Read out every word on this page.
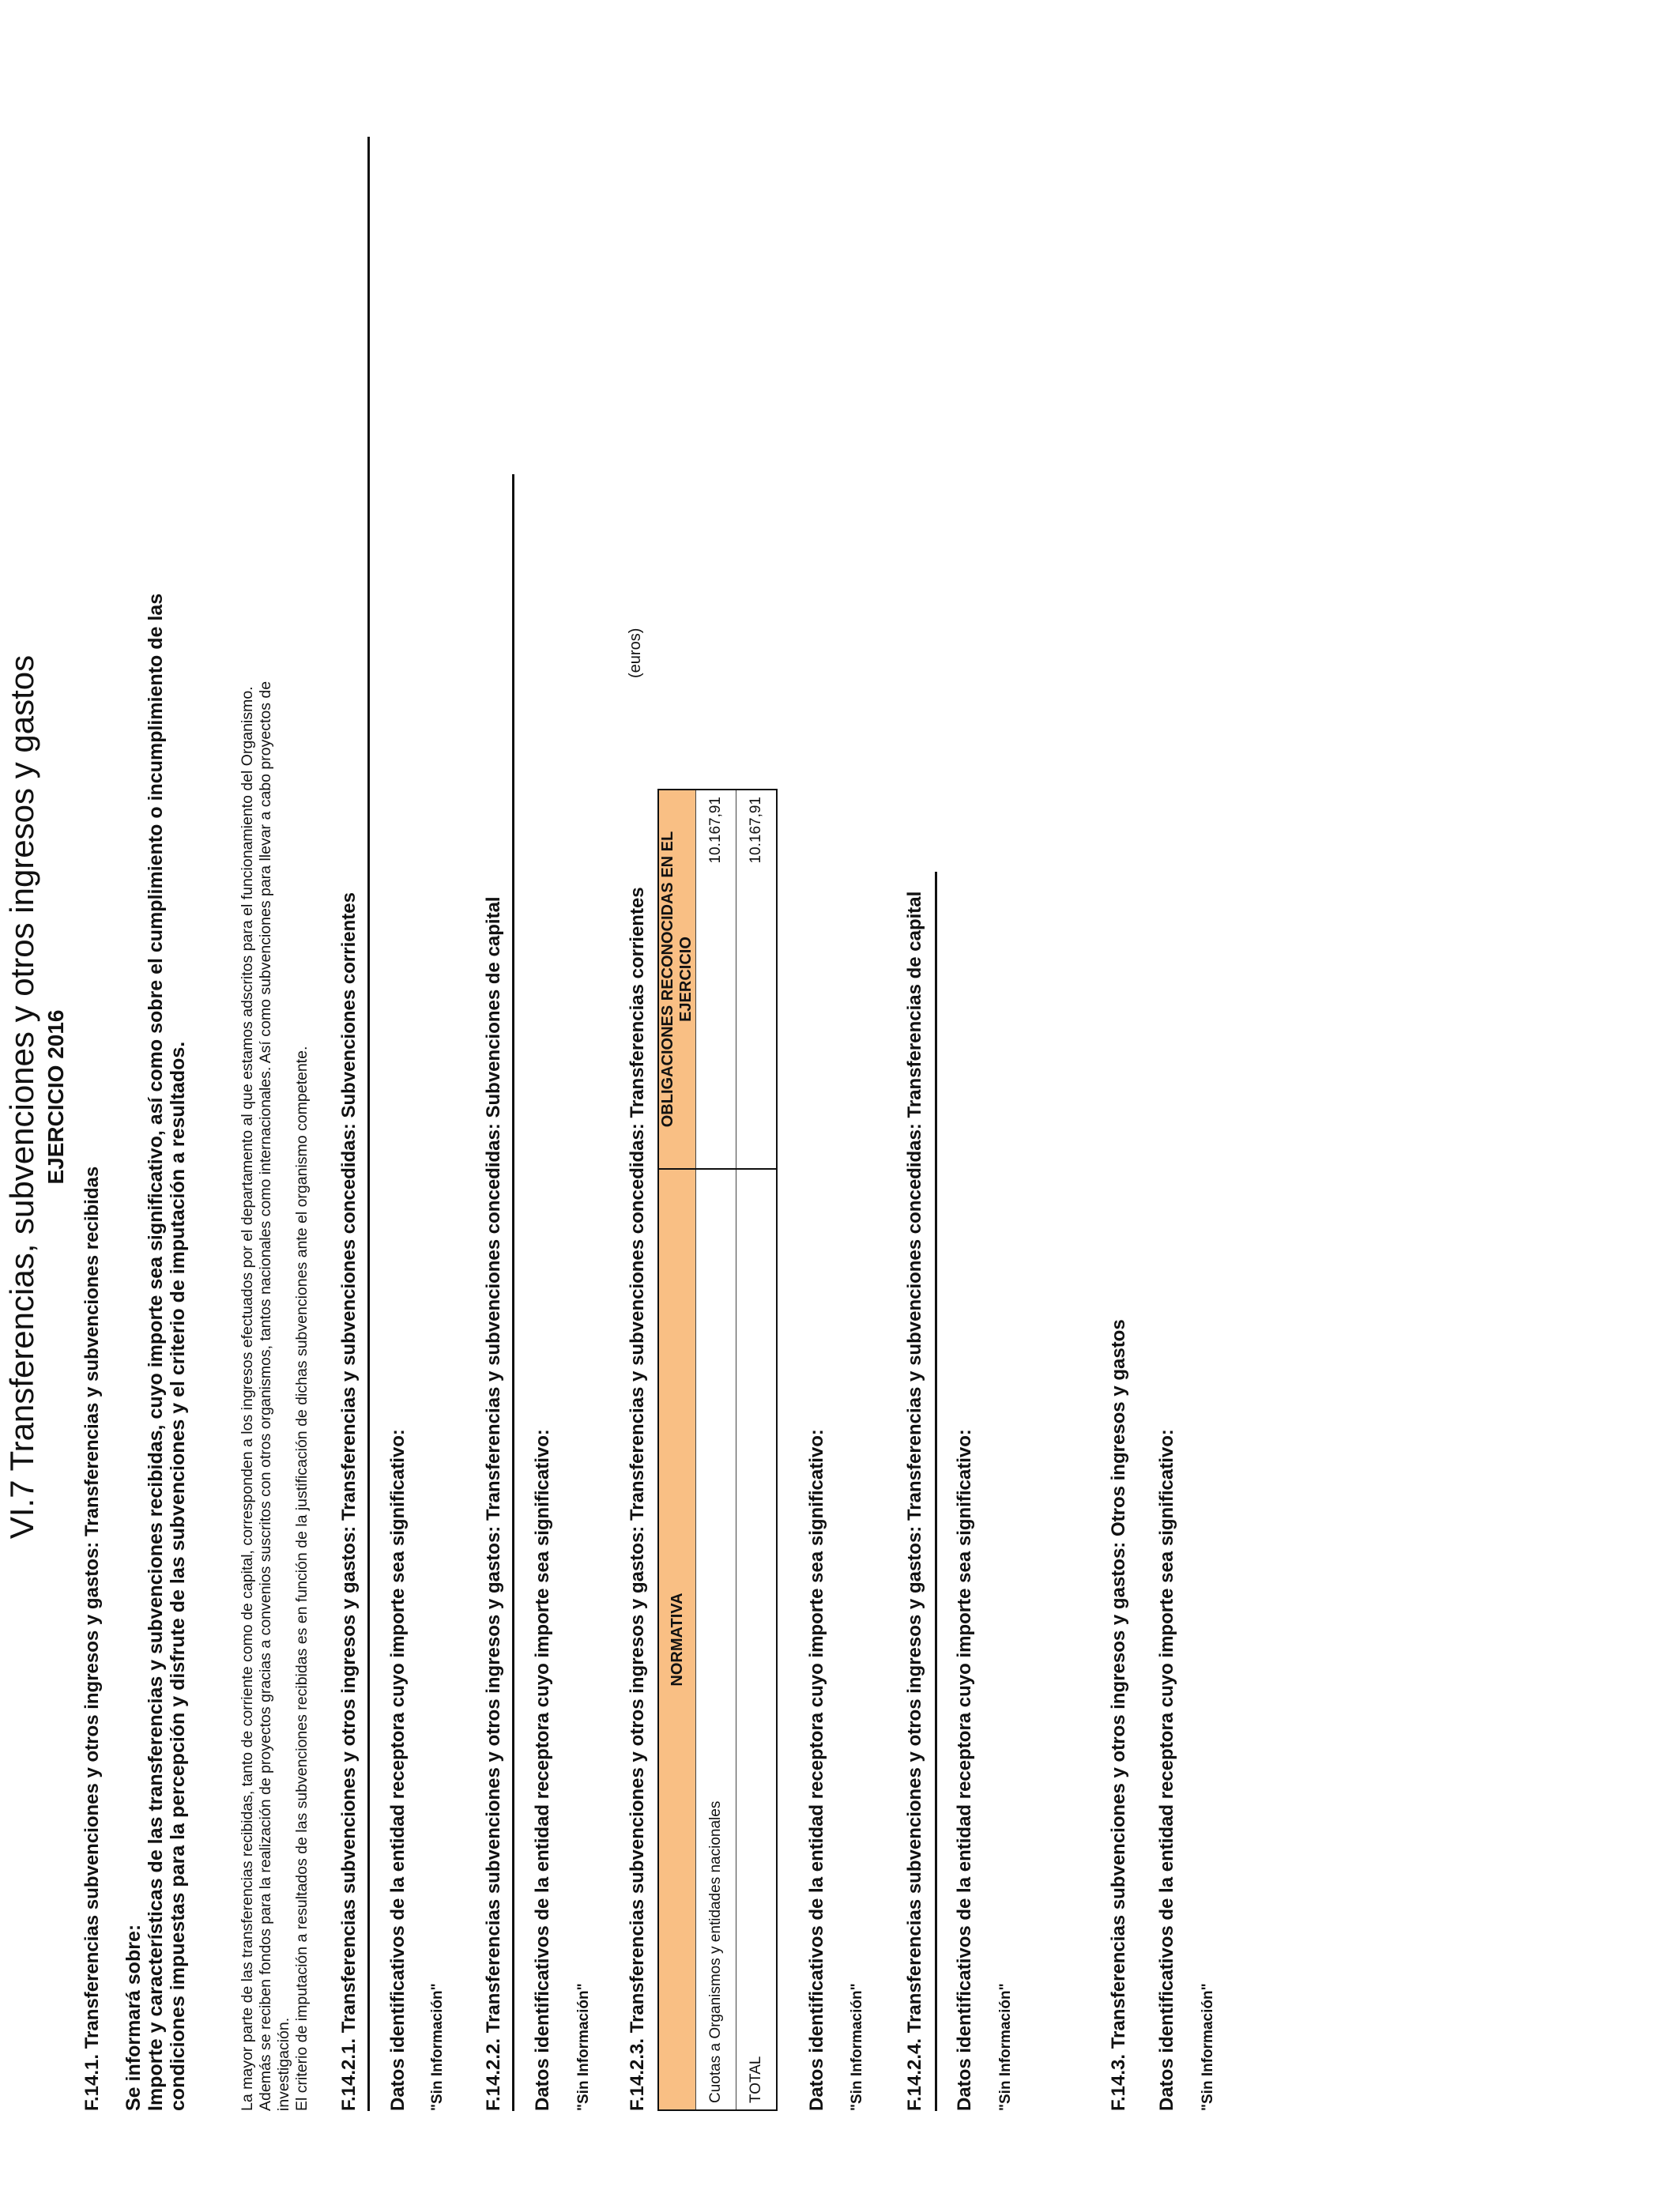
VI.7 Transferencias, subvenciones y otros ingresos y gastos EJERCICIO 2016
F.14.1. Transferencias subvenciones y otros ingresos y gastos: Transferencias y subvenciones recibidas Se informará sobre: Importe y características de las transferencias y subvenciones recibidas, cuyo importe sea significativo, así como sobre el cumplimiento o incumplimiento de las condiciones impuestas para la percepción y disfrute de las subvenciones y el criterio de imputación a resultados.	La mayor parte de las transferencias recibidas, tanto de corriente como de capital, corresponden a los ingresos efectuados por el departamento al que estamos adscritos para el funcionamiento del Organismo. Además se reciben fondos para la realización de proyectos gracias a convenios suscritos con otros organismos, tantos nacionales como internacionales. Así como subvenciones para llevar a cabo proyectos de investigación. El criterio de imputación a resultados de las subvenciones recibidas es en función de la justificación de dichas subvenciones ante el organismo competente. F.14.2.1. Transferencias subvenciones y otros ingresos y gastos: Transferencias y subvenciones concedidas: Subvenciones corrientes Datos identificativos de la entidad receptora cuyo importe sea significativo: "Sin Información" F.14.2.2. Transferencias subvenciones y otros ingresos y gastos: Transferencias y subvenciones concedidas: Subvenciones de capital Datos identificativos de la entidad receptora cuyo importe sea significativo: "Sin Información" F.14.2.3. Transferencias subvenciones y otros ingresos y gastos: Transferencias y subvenciones concedidas: Transferencias corrientes
(euros)
NORMATIVA	OBLIGACIONES RECONOCIDAS EN EL EJERCICIO
Cuotas a Organismos y entidades nacionales	10.167,91
TOTAL	10.167,91
Datos identificativos de la entidad receptora cuyo importe sea significativo: "Sin Información" F.14.2.4. Transferencias subvenciones y otros ingresos y gastos: Transferencias y subvenciones concedidas: Transferencias de capital Datos identificativos de la entidad receptora cuyo importe sea significativo: "Sin Información"	F.14.3. Transferencias subvenciones y otros ingresos y gastos: Otros ingresos y gastos Datos identificativos de la entidad receptora cuyo importe sea significativo: "Sin Información"
